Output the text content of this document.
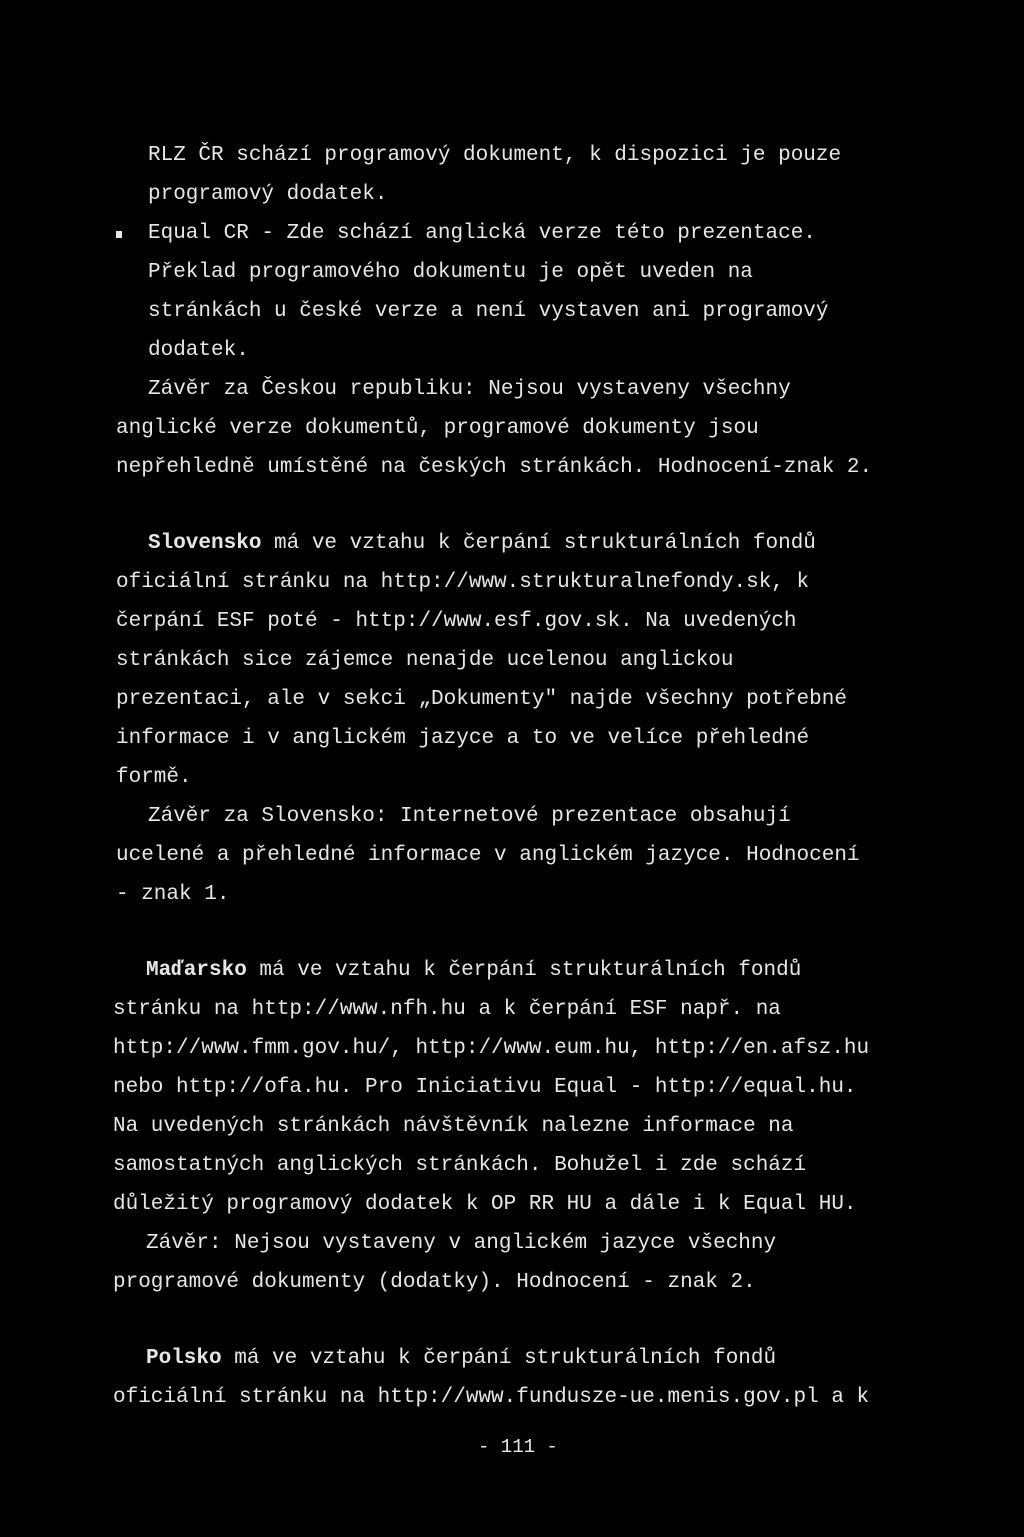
RLZ ČR schází programový dokument, k dispozici je pouze
programový dodatek.
Equal CR - Zde schází anglická verze této prezentace.
Překlad programového dokumentu je opět uveden na
stránkách u české verze a není vystaven ani programový
dodatek.
Závěr za Českou republiku: Nejsou vystaveny všechny
anglické verze dokumentů, programové dokumenty jsou
nepřehledně umístěné na českých stránkách. Hodnocení-znak 2.
Slovensko má ve vztahu k čerpání strukturálních fondů
oficiální stránku na http://www.strukturalnefondy.sk, k
čerpání ESF poté - http://www.esf.gov.sk. Na uvedených
stránkách sice zájemce nenajde ucelenou anglickou
prezentaci, ale v sekci „Dokumenty" najde všechny potřebné
informace i v anglickém jazyce a to ve velíce přehledné
formě.
Závěr za Slovensko: Internetové prezentace obsahují
ucelené a přehledné informace v anglickém jazyce. Hodnocení
- znak 1.
Maďarsko má ve vztahu k čerpání strukturálních fondů
stránku na http://www.nfh.hu a k čerpání ESF např. na
http://www.fmm.gov.hu/, http://www.eum.hu, http://en.afsz.hu
nebo http://ofa.hu. Pro Iniciativu Equal - http://equal.hu.
Na uvedených stránkách návštěvník nalezne informace na
samostatných anglických stránkách. Bohužel i zde schází
důležitý programový dodatek k OP RR HU a dále i k Equal HU.
Závěr: Nejsou vystaveny v anglickém jazyce všechny
programové dokumenty (dodatky). Hodnocení - znak 2.
Polsko má ve vztahu k čerpání strukturálních fondů
oficiální stránku na http://www.fundusze-ue.menis.gov.pl a k
- 111 -
